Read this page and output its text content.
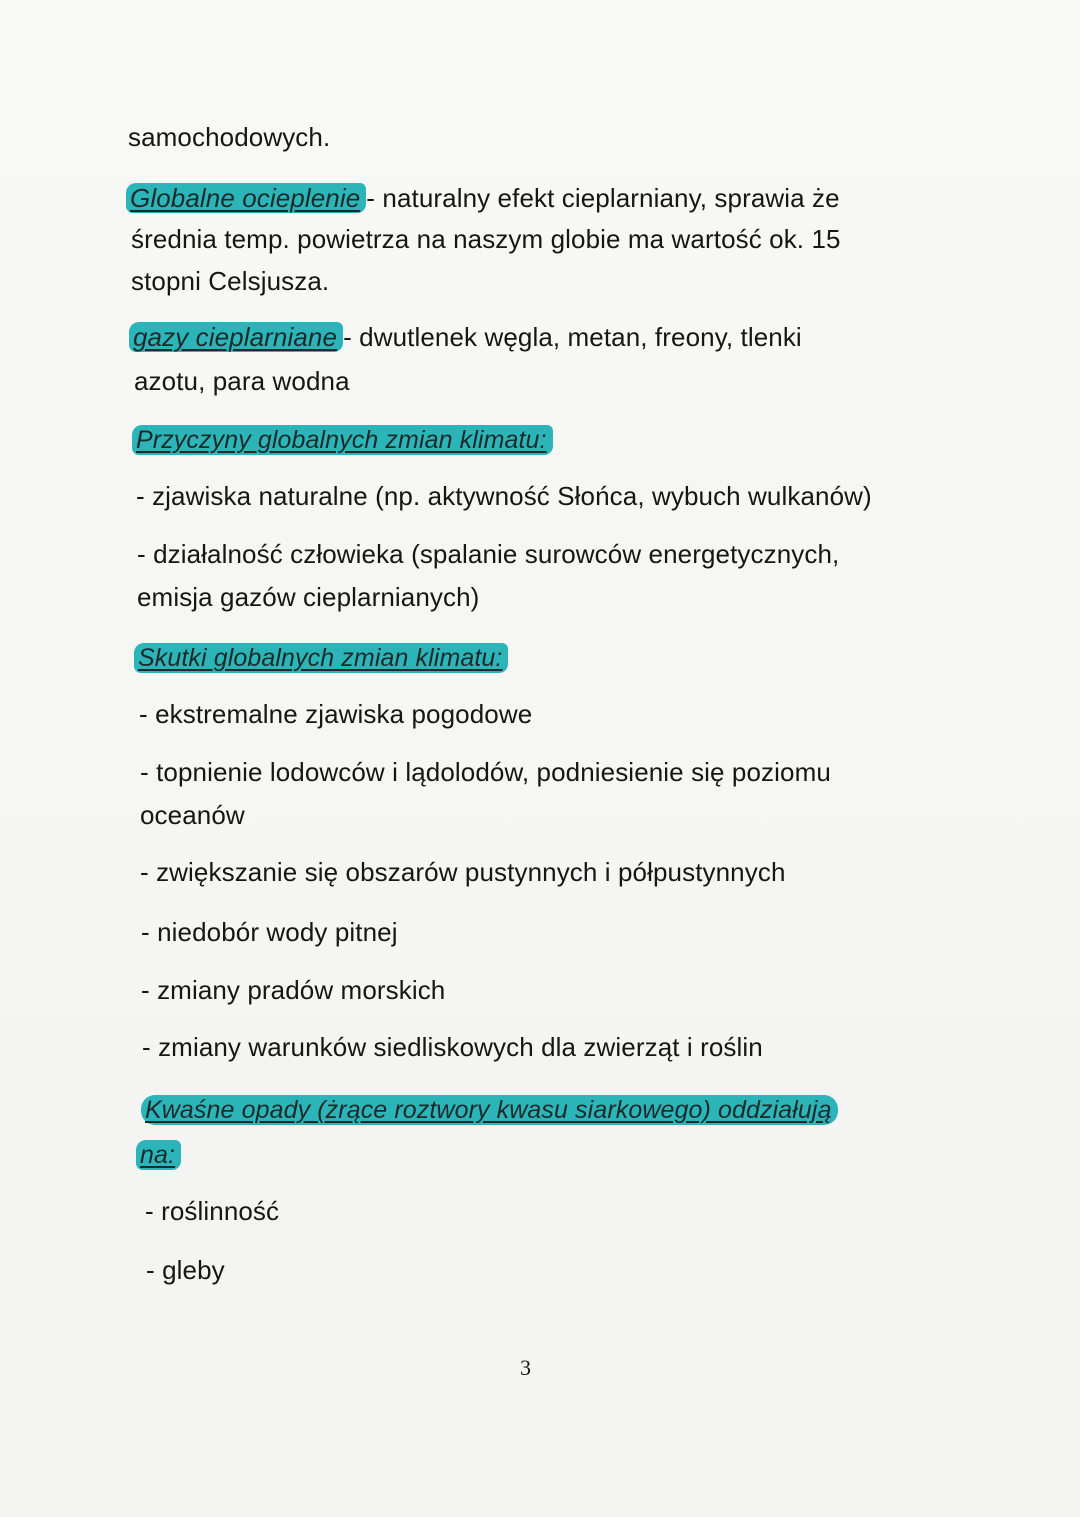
samochodowych.
Globalne ocieplenie - naturalny efekt cieplarniany, sprawia że
średnia temp. powietrza na naszym globie ma wartość ok. 15
stopni Celsjusza.
gazy cieplarniane - dwutlenek węgla, metan, freony, tlenki
azotu, para wodna
Przyczyny globalnych zmian klimatu:
- zjawiska naturalne (np. aktywność Słońca, wybuch wulkanów)
- działalność człowieka (spalanie surowców energetycznych,
emisja gazów cieplarnianych)
Skutki globalnych zmian klimatu:
- ekstremalne zjawiska pogodowe
- topnienie lodowców i lądolodów, podniesienie się poziomu
oceanów
- zwiększanie się obszarów pustynnych i półpustynnych
- niedobór wody pitnej
- zmiany pradów morskich
- zmiany warunków siedliskowych dla zwierząt i roślin
Kwaśne opady (żrące roztwory kwasu siarkowego) oddziałują
na:
- roślinność
- gleby
3
